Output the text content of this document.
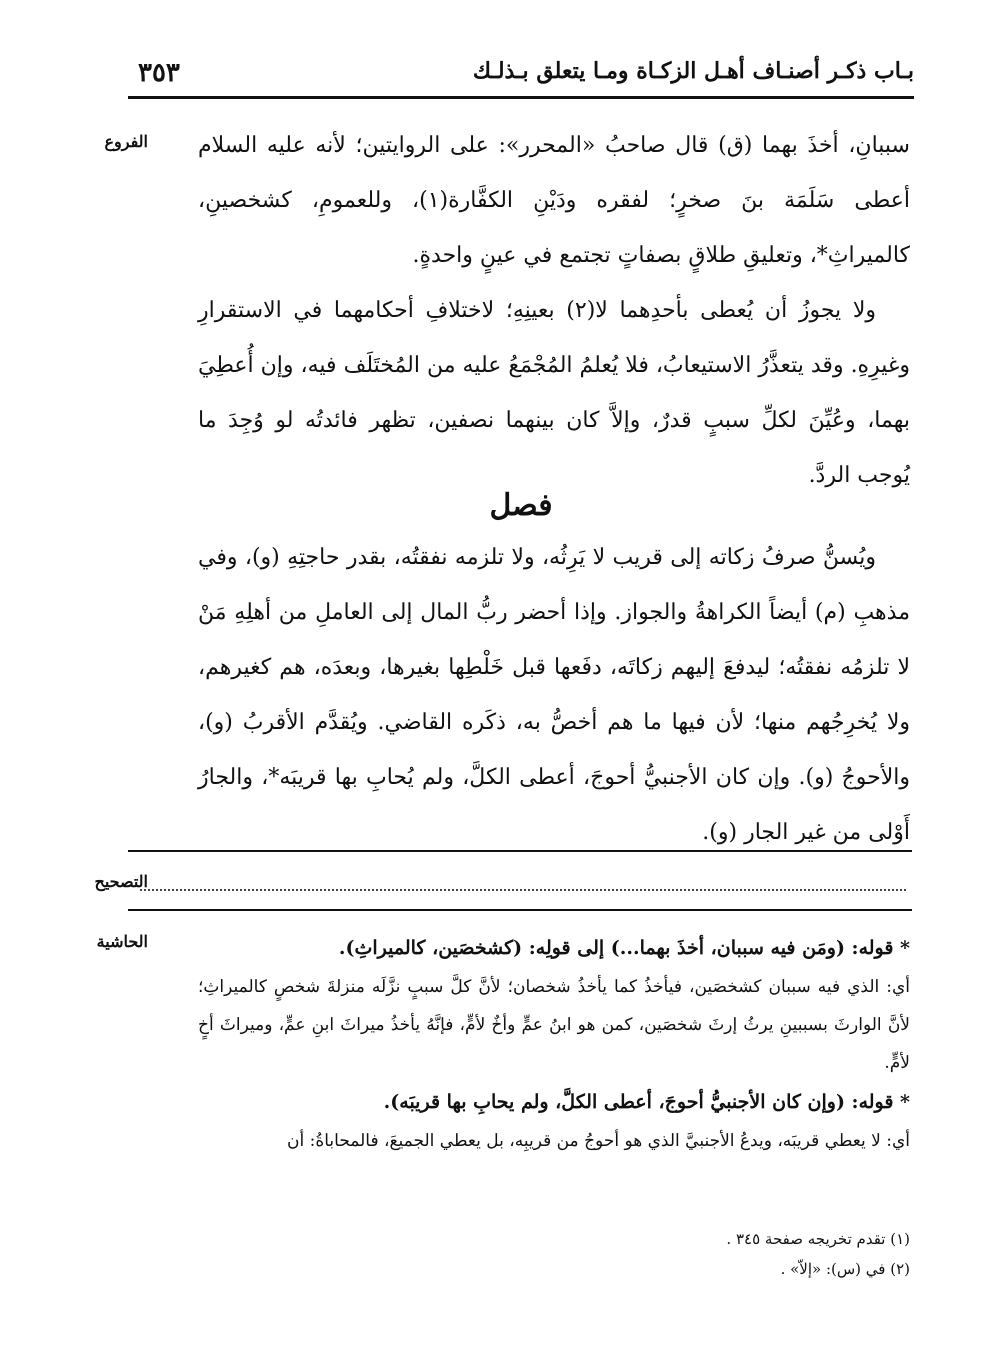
بـاب ذكـر أصنـاف أهـل الزكـاة ومـا يتعلق بـذلـك
٣٥٣
الفروع سببانِ، أخذَ بهما (ق) قال صاحبُ «المحرر»: على الروايتين؛ لأنه عليه السلام أعطى سَلَمَة بنَ صخرٍ؛ لفقره ودَيْنِ الكفَّارة(١)، وللعمومِ، كشخصينِ، كالميراثِ*، وتعليقِ طلاقٍ بصفاتٍ تجتمع في عينٍ واحدةٍ.

ولا يجوزُ أن يُعطى بأحدِهما لا(٢) بعينِهِ؛ لاختلافِ أحكامهما في الاستقرارِ وغيرِهِ. وقد يتعذَّرُ الاستيعابُ، فلا يُعلمُ المُجْمَعُ عليه من المُختَلَف فيه، وإن أُعطِيَ بهما، وعُيِّنَ لكلِّ سببٍ قدرٌ، وإلاَّ كان بينهما نصفين، تظهر فائدتُه لو وُجِدَ ما يُوجب الردَّ.

فصل

ويُسنُّ صرفُ زكاته إلى قريب لا يَرِثُه، ولا تلزمه نفقتُه، بقدر حاجتِهِ (و)، وفي مذهبِ (م) أيضاً الكراهةُ والجواز. وإذا أحضر ربُّ المال إلى العاملِ من أهلِهِ مَنْ لا تلزمُه نفقتُه؛ ليدفعَ إليهم زكاتَه، دفَعها قبل خَلْطِها بغيرها، وبعدَه، هم كغيرهم، ولا يُخرِجُهم منها؛ لأن فيها ما هم أخصُّ به، ذكَره القاضي. ويُقدَّم الأقربُ (و)، والأحوجُ (و). وإن كان الأجنبيُّ أحوجَ، أعطى الكلَّ، ولم يُحابِ بها قريبَه*، والجارُ أَوْلى من غير الجار (و).

التصحيح
الحاشية	* قوله: (ومَن فيه سببان، أخذَ بهما...) إلى قولِه: (كشخصَين، كالميراثِ).

أي: الذي فيه سببان كشخصَين، فيأخذُ كما يأخذُ شخصان؛ لأنَّ كلَّ سببٍ نزَّلَه منزلةَ شخصٍ كالميراثِ؛ لأنَّ الوارثَ بسببينِ يرثُ إرثَ شخصَين، كمن هو ابنُ عمٍّ وأخٌ لأمٍّ، فإنَّهُ يأخذُ ميراثَ ابنِ عمٍّ، وميراثَ أخٍ لأمٍّ.

* قوله: (وإن كان الأجنبيُّ أحوجَ، أعطى الكلَّ، ولم يحابِ بها قريبَه).

أي: لا يعطي قريبَه، ويدعُ الأجنبيَّ الذي هو أحوجُ من قريبِه، بل يعطي الجميعَ، فالمحاباةُ: أن

(١) تقدم تخريجه صفحة ٣٤٥ .

(٢) في (س): «إلاّ» .
